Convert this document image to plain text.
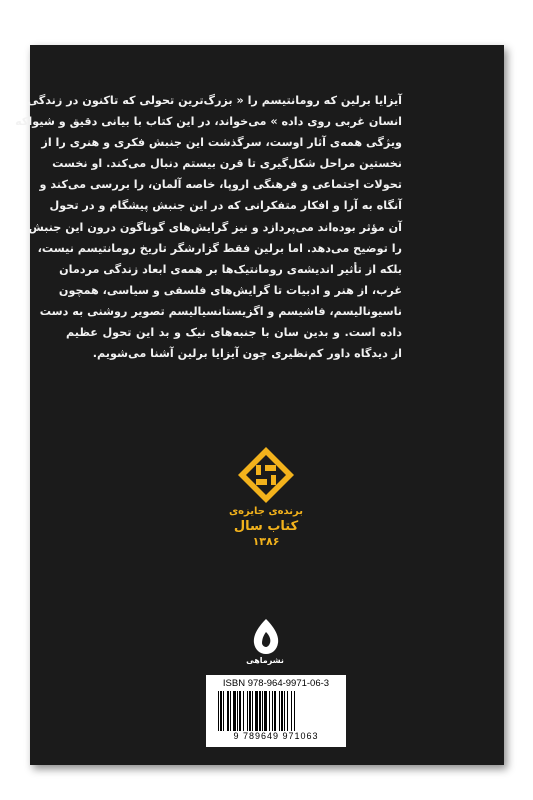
آیزایا برلین که رومانتیسم را « بزرگ‌ترین تحولی که تاکنون در زندگی
انسان غربی روی داده » می‌خواند، در این کتاب با بیانی دقیق و شیواکه
ویژگی همه‌ی آثار اوست، سرگذشت این جنبش فکری و هنری را از
نخستین مراحل شکل‌گیری تا قرن بیستم دنبال می‌کند. او نخست
تحولات اجتماعی و فرهنگی اروپا، خاصه آلمان، را بررسی می‌کند و
آنگاه به آرا و افکار متفکرانی که در این جنبش پیشگام و در تحول
آن مؤثر بوده‌اند می‌پردازد و نیز گرایش‌های گوناگون درون این جنبش
را توضیح می‌دهد. اما برلین فقط گزارشگر تاریخ رومانتیسم نیست،
بلکه از تأثیر اندیشه‌ی رومانتیک‌ها بر همه‌ی ابعاد زندگی مردمان
غرب، از هنر و ادبیات تا گرایش‌های فلسفی و سیاسی، همچون
ناسیونالیسم، فاشیسم و اگزیستانسیالیسم تصویر روشنی به دست
داده است. و بدین سان با جنبه‌های نیک و بد این تحول عظیم
از دیدگاه داور کم‌نظیری چون آیزایا برلین آشنا می‌شویم.
برنده‌ی جایزه‌ی
کتاب سال
۱۳۸۶
نشرماهی
ISBN 978-964-9971-06-3
9 789649 971063
